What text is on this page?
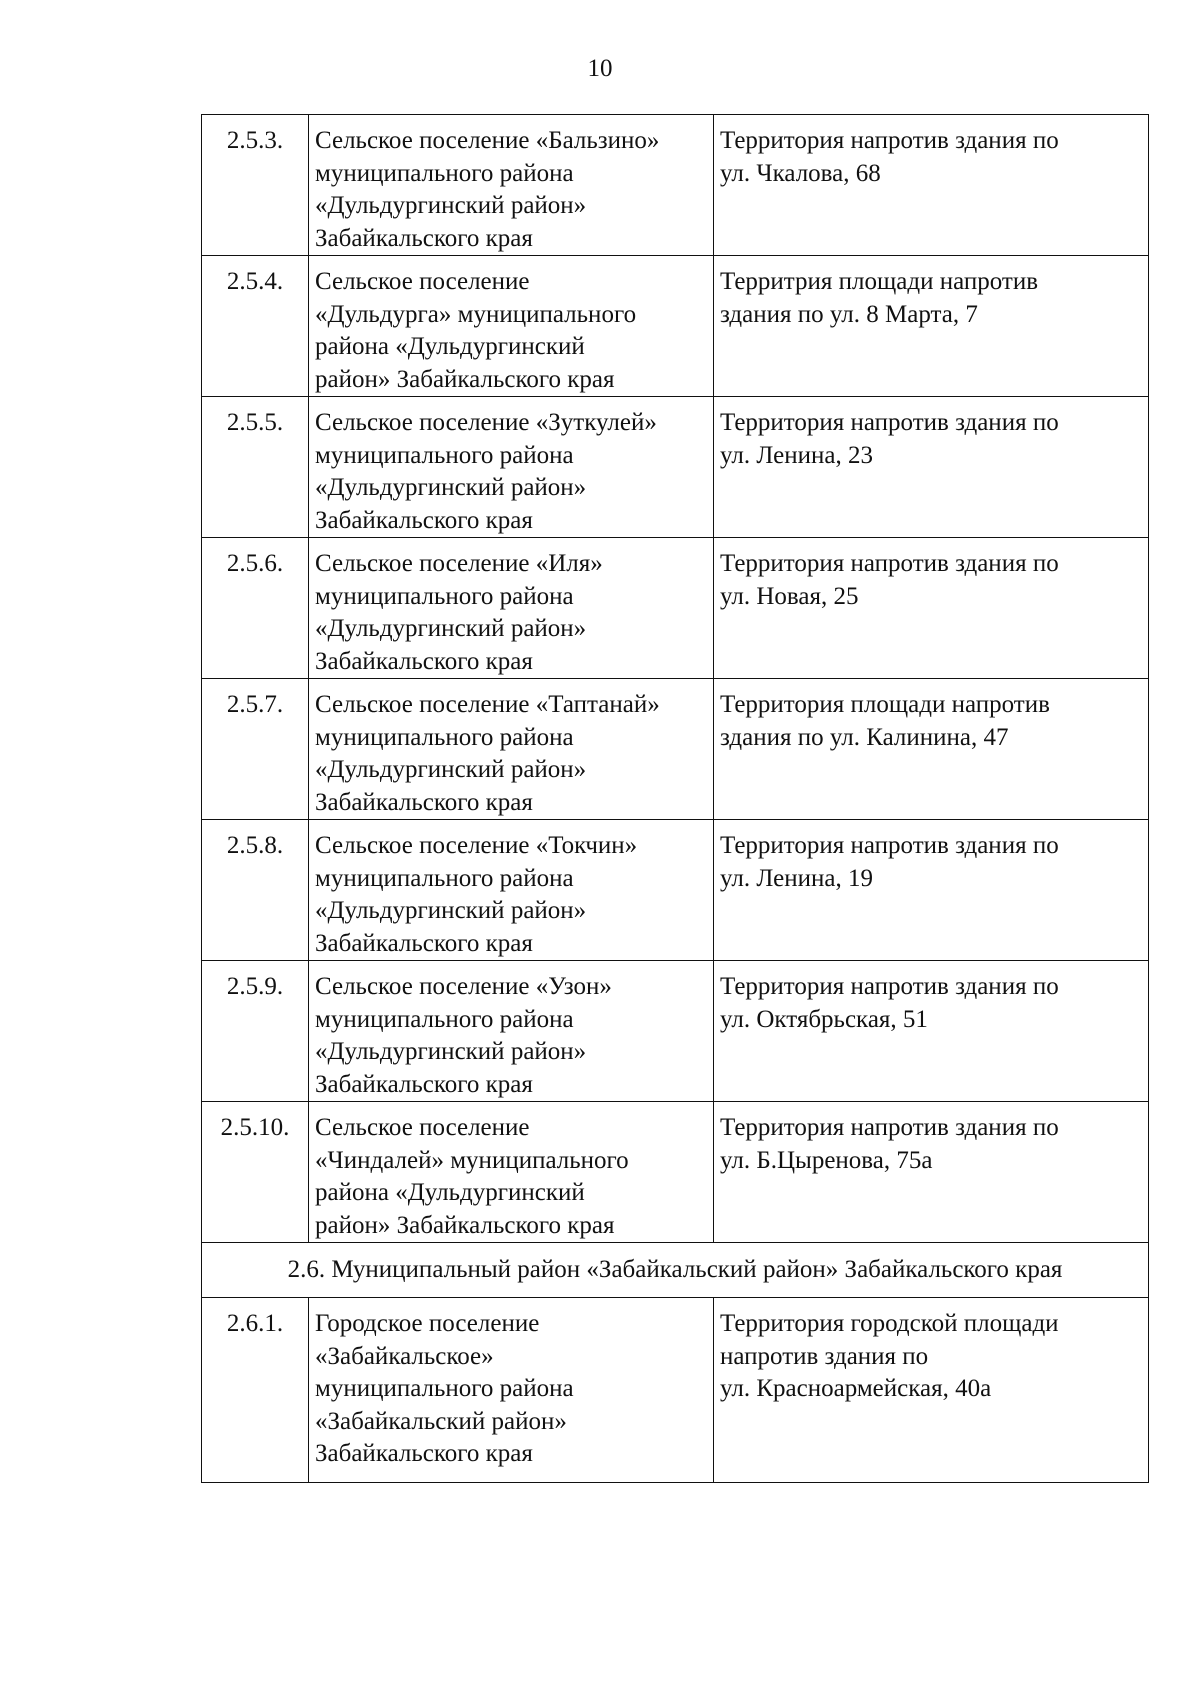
10
2.5.3.	Сельское поселение «Бальзино»
муниципального района
«Дульдургинский район»
Забайкальского края	Территория напротив здания по
ул. Чкалова, 68
2.5.4.	Сельское поселение
«Дульдурга» муниципального
района «Дульдургинский
район» Забайкальского края	Территрия площади напротив
здания по ул. 8 Марта, 7
2.5.5.	Сельское поселение «Зуткулей»
муниципального района
«Дульдургинский район»
Забайкальского края	Территория напротив здания по
ул. Ленина, 23
2.5.6.	Сельское поселение «Иля»
муниципального района
«Дульдургинский район»
Забайкальского края	Территория напротив здания по
ул. Новая, 25
2.5.7.	Сельское поселение «Таптанай»
муниципального района
«Дульдургинский район»
Забайкальского края	Территория площади напротив
здания по ул. Калинина, 47
2.5.8.	Сельское поселение «Токчин»
муниципального района
«Дульдургинский район»
Забайкальского края	Территория напротив здания по
ул. Ленина, 19
2.5.9.	Сельское поселение «Узон»
муниципального района
«Дульдургинский район»
Забайкальского края	Территория напротив здания по
ул. Октябрьская, 51
2.5.10.	Сельское поселение
«Чиндалей» муниципального
района «Дульдургинский
район» Забайкальского края	Территория напротив здания по
ул. Б.Цыренова, 75а
2.6. Муниципальный район «Забайкальский район» Забайкальского края		
2.6.1.	Городское поселение
«Забайкальское»
муниципального района
«Забайкальский район»
Забайкальского края	Территория городской площади
напротив здания по
ул. Красноармейская, 40а
